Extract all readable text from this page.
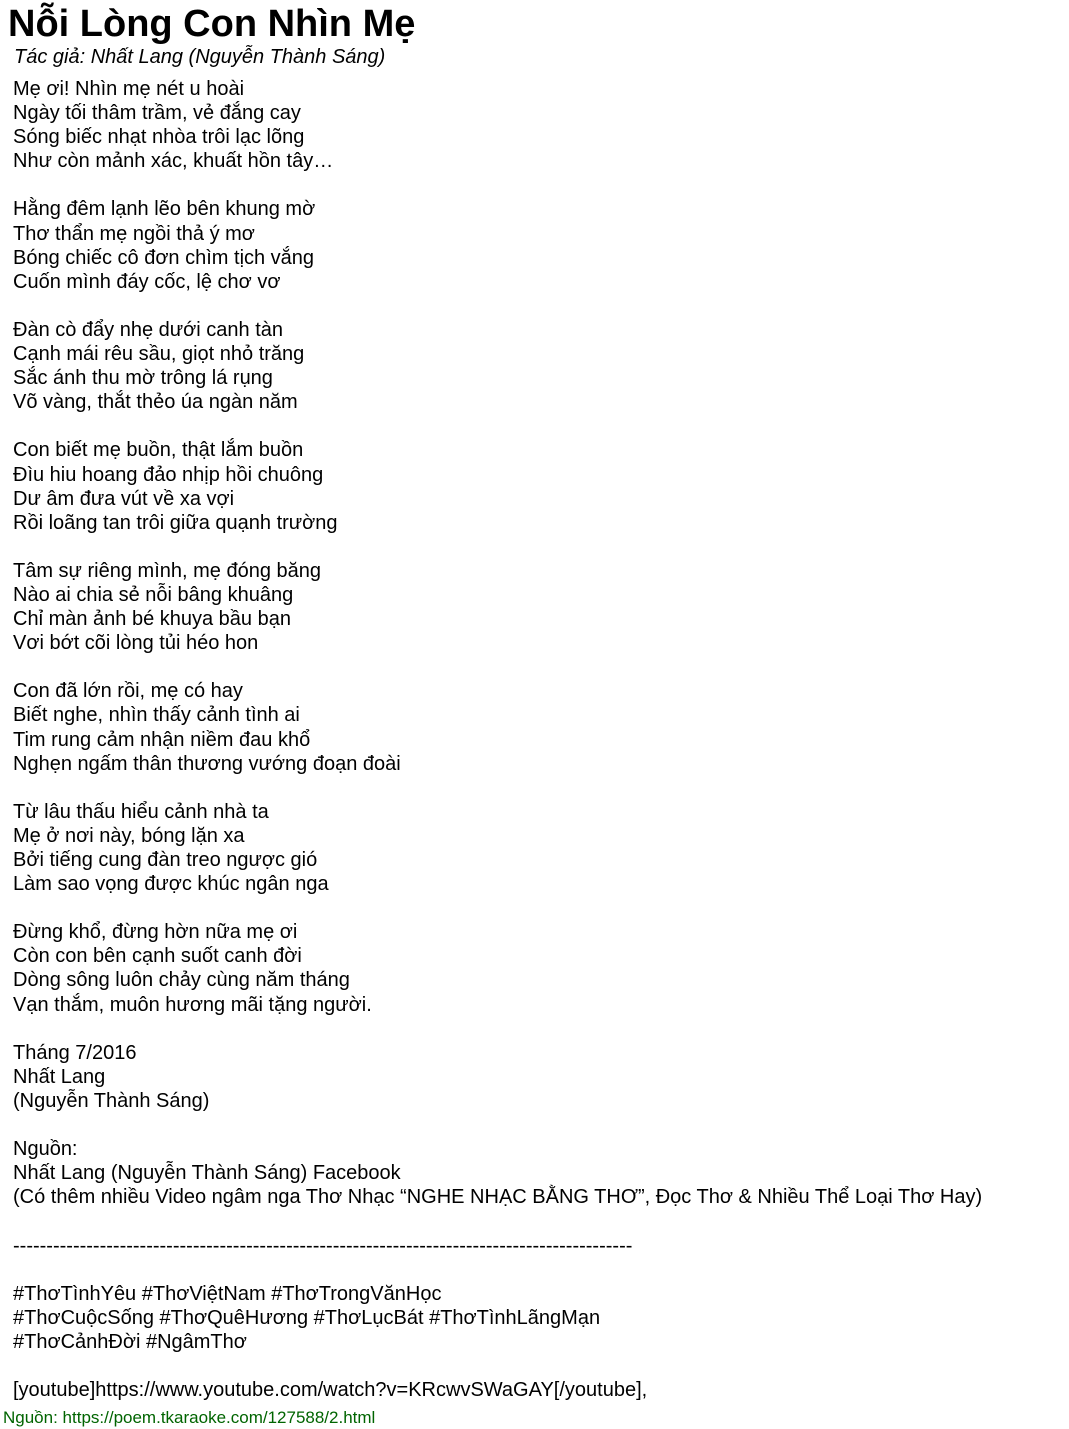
Nỗi Lòng Con Nhìn Mẹ
Tác giả: Nhất Lang (Nguyễn Thành Sáng)
Mẹ ơi! Nhìn mẹ nét u hoài
Ngày tối thâm trầm, vẻ đắng cay
Sóng biếc nhạt nhòa trôi lạc lõng
Như còn mảnh xác, khuất hồn tây…
Hằng đêm lạnh lẽo bên khung mờ
Thơ thẩn mẹ ngồi thả ý mơ
Bóng chiếc cô đơn chìm tịch vắng
Cuốn mình đáy cốc, lệ chơ vơ
Đàn cò đẩy nhẹ dưới canh tàn
Cạnh mái rêu sầu, giọt nhỏ trăng
Sắc ánh thu mờ trông lá rụng
Võ vàng, thắt thẻo úa ngàn năm
Con biết mẹ buồn, thật lắm buồn
Đìu hiu hoang đảo nhịp hồi chuông
Dư âm đưa vút về xa vợi
Rồi loãng tan trôi giữa quạnh trường
Tâm sự riêng mình, mẹ đóng băng
Nào ai chia sẻ nỗi bâng khuâng
Chỉ màn ảnh bé khuya bầu bạn
Vơi bớt cõi lòng tủi héo hon
Con đã lớn rồi, mẹ có hay
Biết nghe, nhìn thấy cảnh tình ai
Tim rung cảm nhận niềm đau khổ
Nghẹn ngấm thân thương vướng đoạn đoài
Từ lâu thấu hiểu cảnh nhà ta
Mẹ ở nơi này, bóng lặn xa
Bởi tiếng cung đàn treo ngược gió
Làm sao vọng được khúc ngân nga
Đừng khổ, đừng hờn nữa mẹ ơi
Còn con bên cạnh suốt canh đời
Dòng sông luôn chảy cùng năm tháng
Vạn thắm, muôn hương mãi tặng người.
Tháng 7/2016
Nhất Lang
(Nguyễn Thành Sáng)
Nguồn:
Nhất Lang (Nguyễn Thành Sáng) Facebook
(Có thêm nhiều Video ngâm nga Thơ Nhạc “NGHE NHẠC BẰNG THƠ”, Đọc Thơ & Nhiều Thể Loại Thơ Hay)
---------------------------------------------------------------------------------------------
#ThơTìnhYêu #ThơViệtNam #ThơTrongVănHọc
#ThơCuộcSống #ThơQuêHương #ThơLụcBát #ThơTìnhLãngMạn
#ThơCảnhĐời #NgâmThơ
[youtube]https://www.youtube.com/watch?v=KRcwvSWaGAY[/youtube],
Nguồn: https://poem.tkaraoke.com/127588/2.html
